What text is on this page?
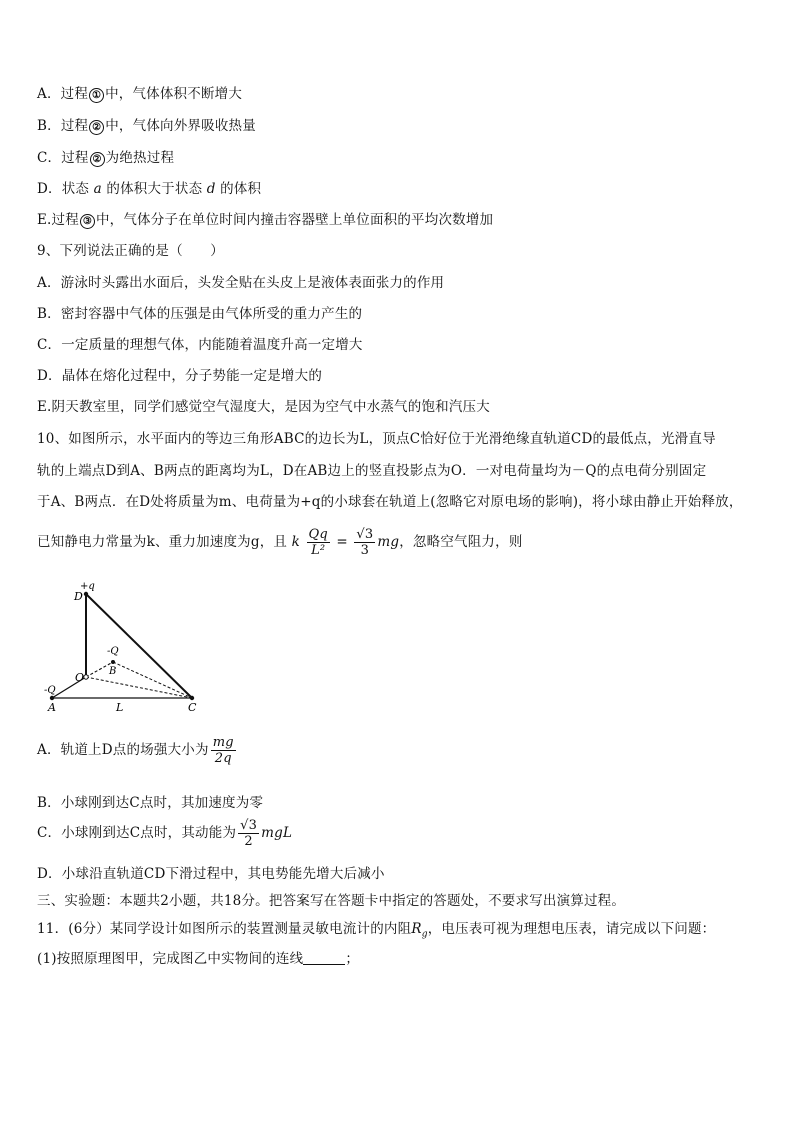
A．过程 ① 中，气体体积不断增大
B．过程 ② 中，气体向外界吸收热量
C．过程 ② 为绝热过程
D．状态 a 的体积大于状态 d 的体积
E.过程 ③ 中，气体分子在单位时间内撞击容器壁上单位面积的平均次数增加
9、下列说法正确的是（　　）
A．游泳时头露出水面后，头发全贴在头皮上是液体表面张力的作用
B．密封容器中气体的压强是由气体所受的重力产生的
C．一定质量的理想气体，内能随着温度升高一定增大
D．晶体在熔化过程中，分子势能一定是增大的
E.阴天教室里，同学们感觉空气湿度大，是因为空气中水蒸气的饱和汽压大
10、如图所示，水平面内的等边三角形ABC的边长为L，顶点C恰好位于光滑绝缘直轨道CD的最低点，光滑直导
轨的上端点D到A、B两点的距离均为L，D在AB边上的竖直投影点为O．一对电荷量均为－Q的点电荷分别固定
于A、B两点．在D处将质量为m、电荷量为+q的小球套在轨道上(忽略它对原电场的影响)，将小球由静止开始释放，
已知静电力常量为k、重力加速度为g，且 k $\frac{Qq}{\text{L²}} = \frac{√3}{3}$ mg，忽略空气阻力，则
+q
D
-Q
B
O
-Q
A	L	C
A．轨道上D点的场强大小为 $\frac{mg}{2q}$
B．小球刚到达C点时，其加速度为零
C．小球刚到达C点时，其动能为 $\frac{√3}{2}$ mgL
D．小球沿直轨道CD下滑过程中，其电势能先增大后减小
三、实验题：本题共2小题，共18分。把答案写在答题卡中指定的答题处，不要求写出演算过程。
11．(6分）某同学设计如图所示的装置测量灵敏电流计的内阻$R_g$，电压表可视为理想电压表，请完成以下问题：
(1)按照原理图甲，完成图乙中实物间的连线	；
